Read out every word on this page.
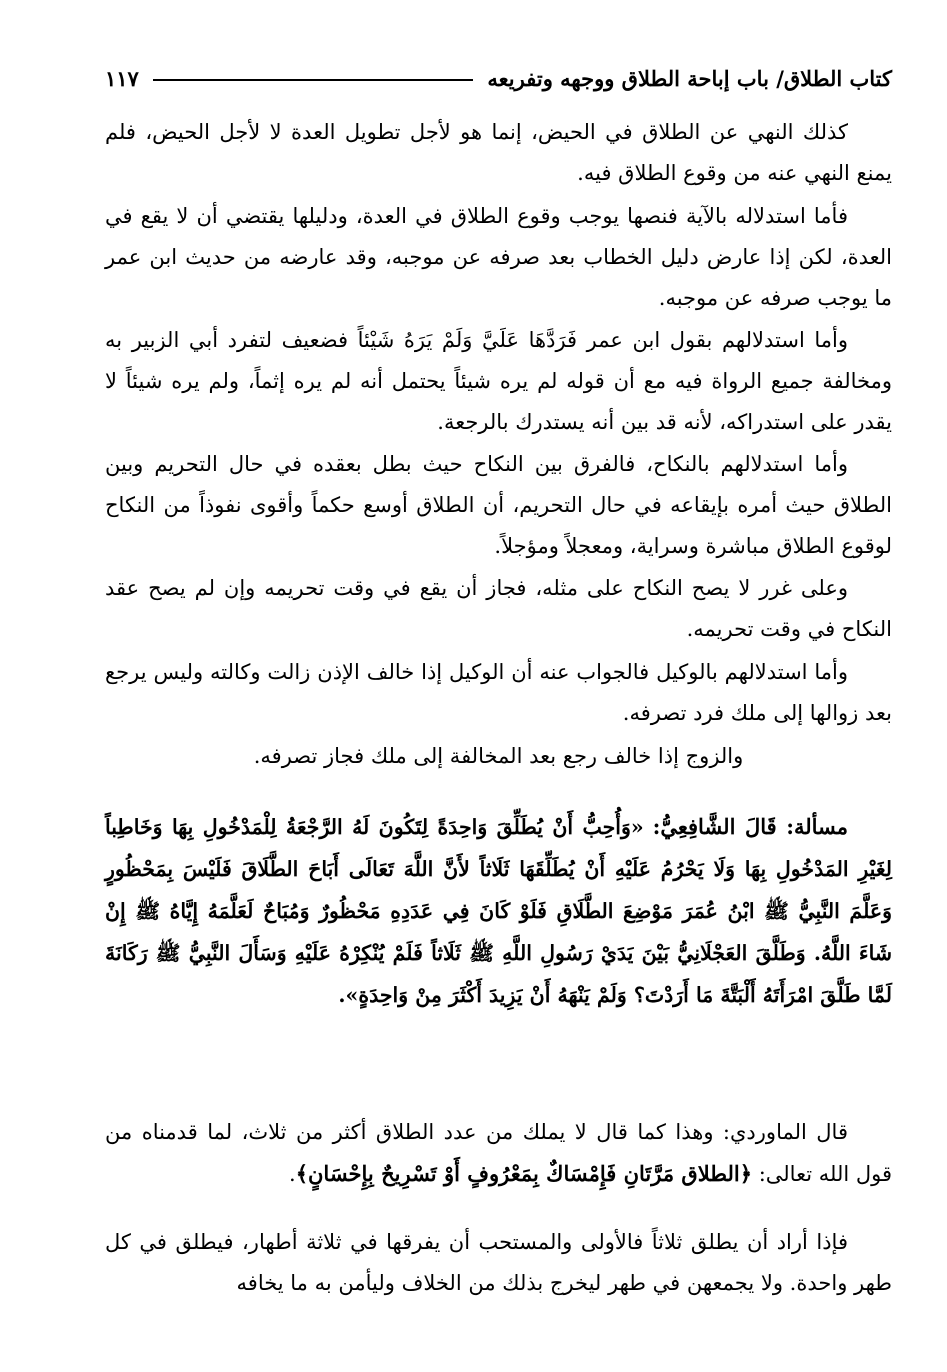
كتاب الطلاق/ باب إباحة الطلاق ووجهه وتفريعه
١١٧

كذلك النهي عن الطلاق في الحيض، إنما هو لأجل تطويل العدة لا لأجل الحيض، فلم يمنع النهي عنه من وقوع الطلاق فيه.

فأما استدلاله بالآية فنصها يوجب وقوع الطلاق في العدة، ودليلها يقتضي أن لا يقع في العدة، لكن إذا عارض دليل الخطاب بعد صرفه عن موجبه، وقد عارضه من حديث ابن عمر ما يوجب صرفه عن موجبه.

وأما استدلالهم بقول ابن عمر فَرَدَّهَا عَلَيَّ وَلَمْ يَرَهُ شَيْئاً فضعيف لتفرد أبي الزبير به ومخالفة جميع الرواة فيه مع أن قوله لم يره شيئاً يحتمل أنه لم يره إثماً، ولم يره شيئاً لا يقدر على استدراكه، لأنه قد بين أنه يستدرك بالرجعة.

وأما استدلالهم بالنكاح، فالفرق بين النكاح حيث بطل بعقده في حال التحريم وبين الطلاق حيث أمره بإيقاعه في حال التحريم، أن الطلاق أوسع حكماً وأقوى نفوذاً من النكاح لوقوع الطلاق مباشرة وسراية، ومعجلاً ومؤجلاً.

وعلى غرر لا يصح النكاح على مثله، فجاز أن يقع في وقت تحريمه وإن لم يصح عقد النكاح في وقت تحريمه.

وأما استدلالهم بالوكيل فالجواب عنه أن الوكيل إذا خالف الإذن زالت وكالته وليس يرجع بعد زوالها إلى ملك فرد تصرفه.

والزوج إذا خالف رجع بعد المخالفة إلى ملك فجاز تصرفه.

مسألة: قَالَ الشَّافِعِيُّ: «وَأُحِبُّ أَنْ يُطَلِّقَ وَاحِدَةً لِتَكُونَ لَهُ الرَّجْعَةُ لِلْمَدْخُولِ بِهَا وَخَاطِباً لِغَيْرِ المَدْخُولِ بِهَا وَلَا يَحْرُمُ عَلَيْهِ أَنْ يُطَلِّقَهَا ثَلَاثاً لأَنَّ اللَّهَ تَعَالَى أَبَاحَ الطَّلَاقَ فَلَيْسَ بِمَحْظُورٍ وَعَلَّمَ النَّبِيُّ ﷺ ابْنُ عُمَرَ مَوْضِعَ الطَّلَاقِ فَلَوْ كَانَ فِي عَدَدِهِ مَحْظُورٌ وَمُبَاحٌ لَعَلَّمَهُ إِيَّاهُ ﷺ إِنْ شَاءَ اللَّهُ. وَطَلَّقَ العَجْلَانِيُّ بَيْنَ يَدَيْ رَسُولِ اللَّهِ ﷺ ثَلَاثاً فَلَمْ يُنْكِرْهُ عَلَيْهِ وَسَأَلَ النَّبِيُّ ﷺ رَكَانَةَ لَمَّا طَلَّقَ امْرَأَتَهُ أَلْبَتَّةَ مَا أَرَدْتَ؟ وَلَمْ يَنْهَهُ أَنْ يَزِيدَ أَكْثَرَ مِنْ وَاحِدَةٍ».

قال الماوردي: وهذا كما قال لا يملك من عدد الطلاق أكثر من ثلاث، لما قدمناه من قول الله تعالى: ﴿الطلاق مَرَّتَانِ فَإِمْسَاكٌ بِمَعْرُوفٍ أَوْ تَسْرِيحٌ بِإِحْسَانٍ﴾.

فإذا أراد أن يطلق ثلاثاً فالأولى والمستحب أن يفرقها في ثلاثة أطهار، فيطلق في كل طهر واحدة. ولا يجمعهن في طهر ليخرج بذلك من الخلاف وليأمن به ما يخافه
